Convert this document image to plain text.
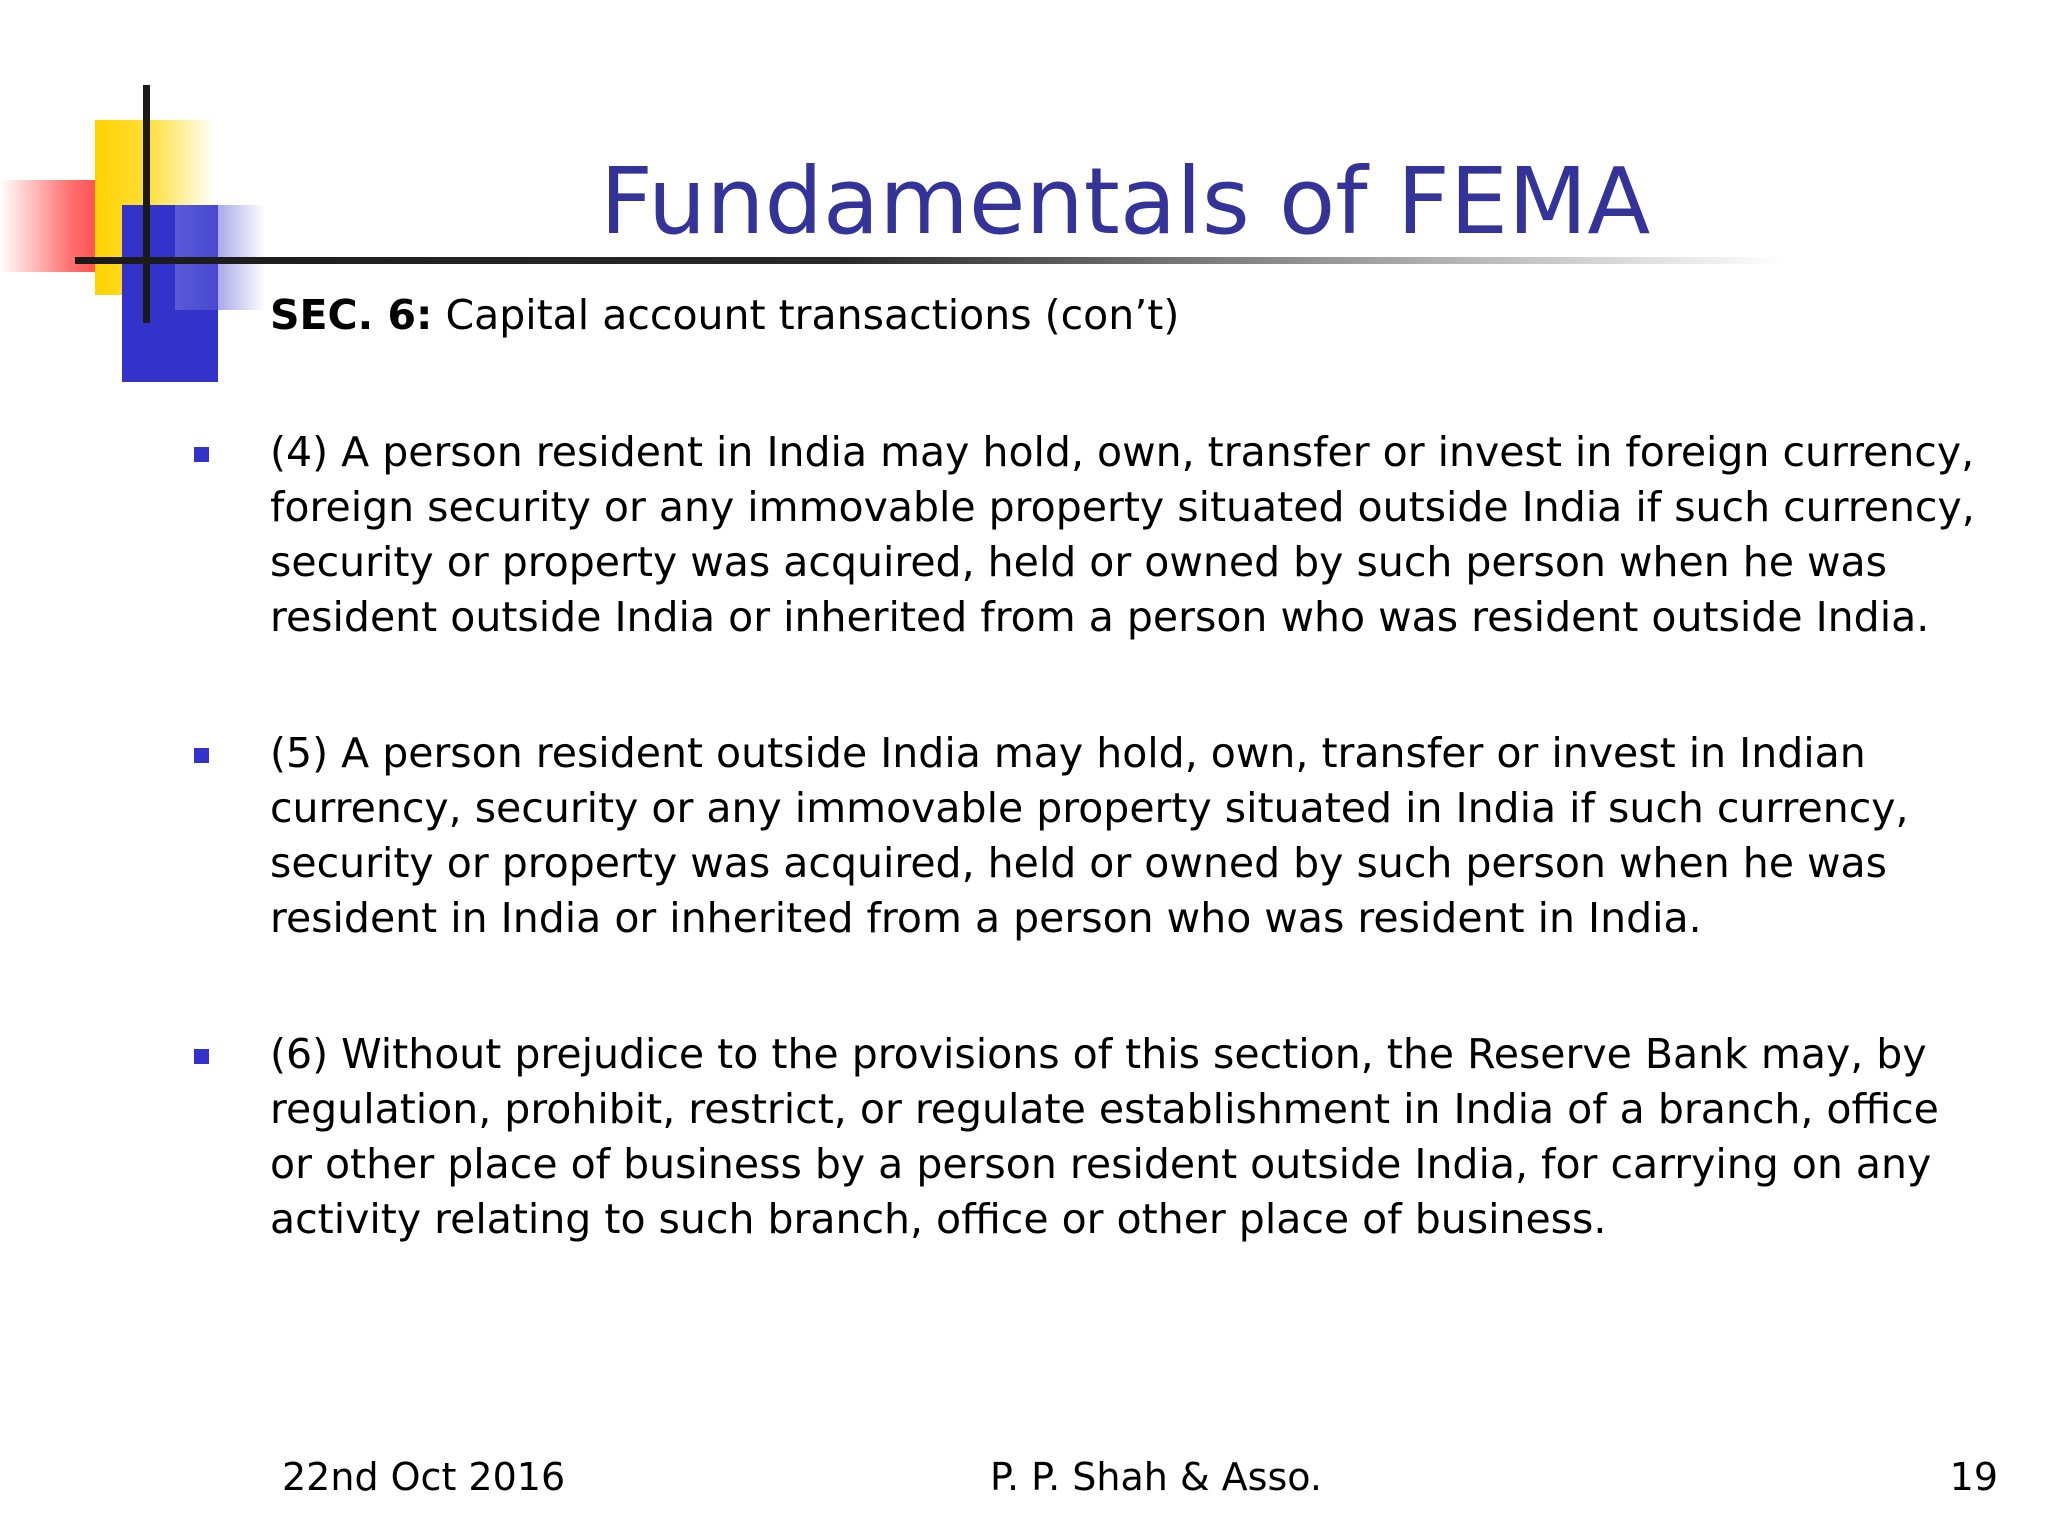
Fundamentals of FEMA
SEC. 6: Capital account transactions (con’t)
(4) A person resident in India may hold, own, transfer or invest in foreign currency, foreign security or any immovable property situated outside India if such currency, security or property was acquired, held or owned by such person when he was resident outside India or inherited from a person who was resident outside India.
(5) A person resident outside India may hold, own, transfer or invest in Indian currency, security or any immovable property situated in India if such currency, security or property was acquired, held or owned by such person when he was resident in India or inherited from a person who was resident in India.
(6) Without prejudice to the provisions of this section, the Reserve Bank may, by regulation, prohibit, restrict, or regulate establishment in India of a branch, office or other place of business by a person resident outside India, for carrying on any activity relating to such branch, office or other place of business.
22nd Oct 2016	P. P. Shah & Asso.	19
